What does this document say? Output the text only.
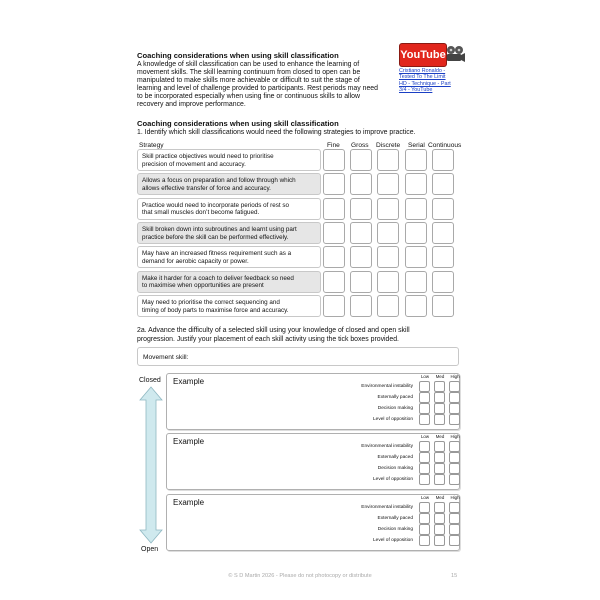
Coaching considerations when using skill classification
A knowledge of skill classification can be used to enhance the learning of
movement skills. The skill learning continuum from closed to open can be
manipulated to make skills more achievable or difficult to suit the stage of
learning and level of challenge provided to participants. Rest periods may need
to be incorporated especially when using fine or continuous skills to allow
recovery and improve performance.
YouTube
Cristiano Ronaldo -
Tested To The Limit
HD - Technique - Part
3/4 - YouTube
Coaching considerations when using skill classification
1. Identify which skill classifications would need the following strategies to improve practice.
Strategy	Fine Gross Discrete Serial Continuous
Skill practice objectives would need to prioritise
precision of movement and accuracy.
Allows a focus on preparation and follow through which
allows effective transfer of force and accuracy.
Practice would need to incorporate periods of rest so
that small muscles don’t become fatigued.
Skill broken down into subroutines and learnt using part
practice before the skill can be performed effectively.
May have an increased fitness requirement such as a
demand for aerobic capacity or power.
Make it harder for a coach to deliver feedback so need
to maximise when opportunities are present
May need to prioritise the correct sequencing and
timing of body parts to maximise force and accuracy.
2a. Advance the difficulty of a selected skill using your knowledge of closed and open skill
progression. Justify your placement of each skill activity using the tick boxes provided.
Movement skill:
Closed
Open
Example
Low	Med	High
Environmental instability
Externally paced
Decision making
Level of opposition
Example
Low	Med	High
Environmental instability
Externally paced
Decision making
Level of opposition
Example
Low	Med	High
Environmental instability
Externally paced
Decision making
Level of opposition
© S D Martin 2026 - Please do not photocopy or distribute	15
